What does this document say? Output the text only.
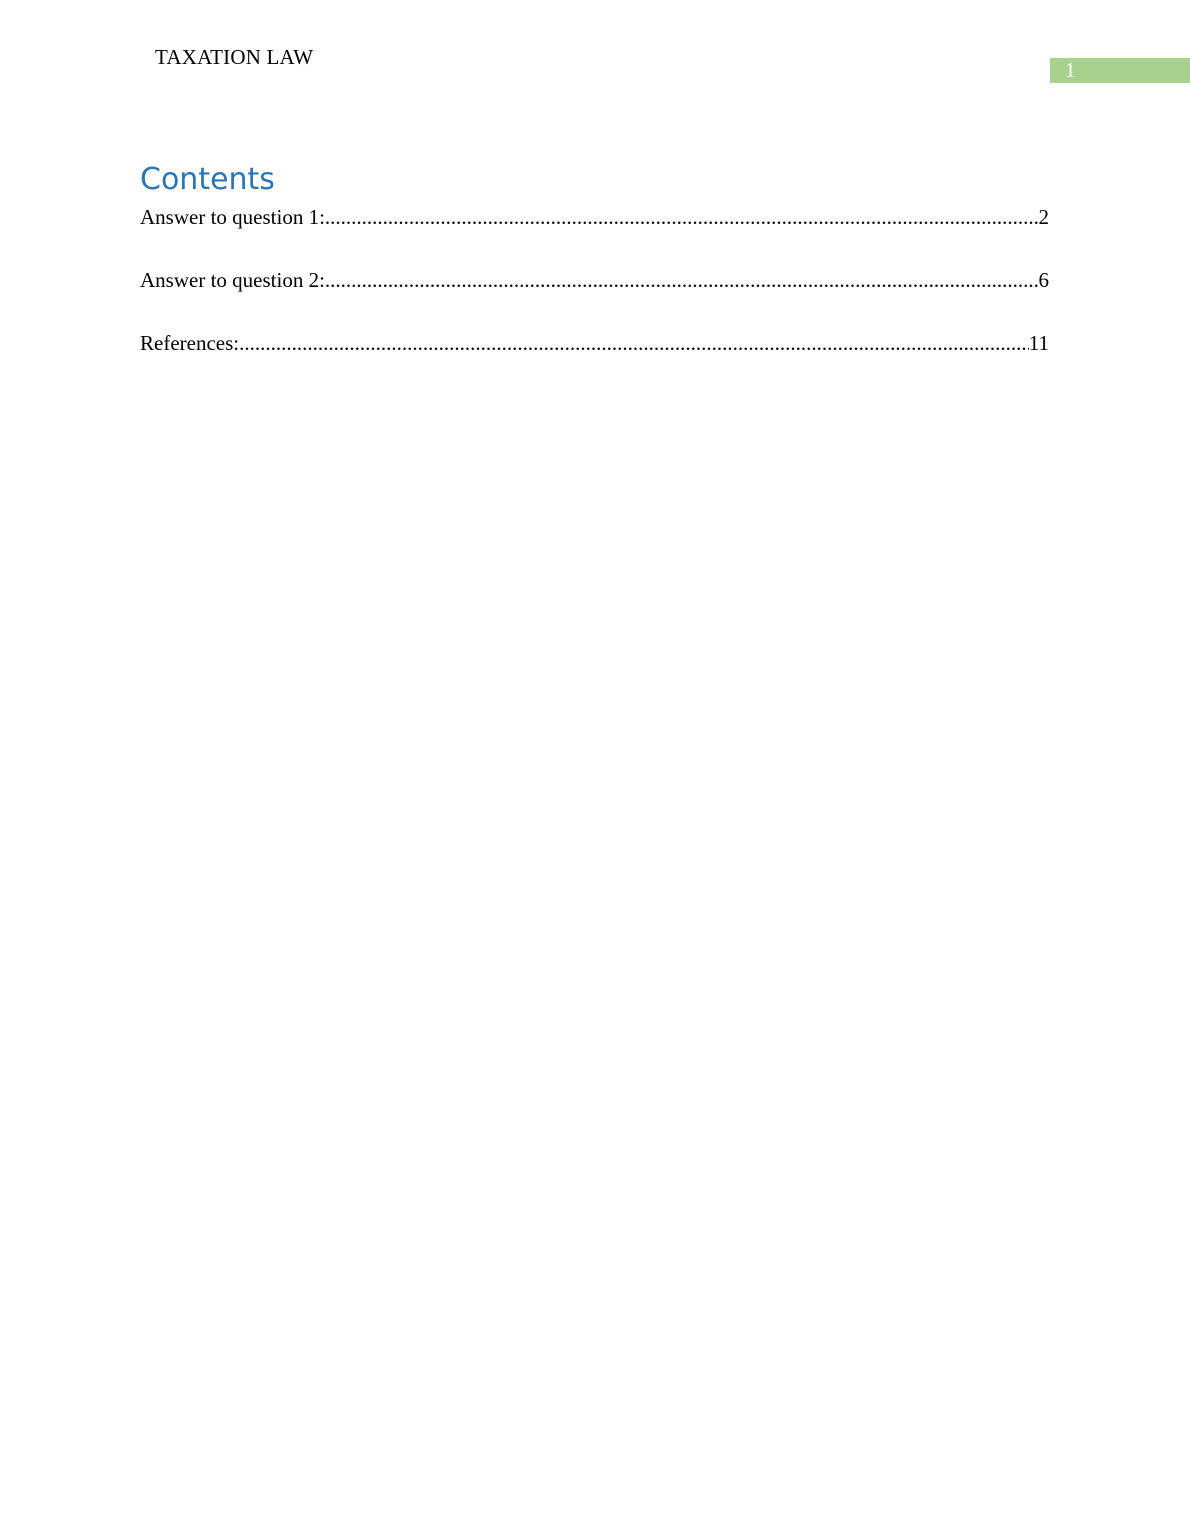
TAXATION LAW
1
Contents
Answer to question 1: .....	2
Answer to question 2: .....	6
References: .....	11
